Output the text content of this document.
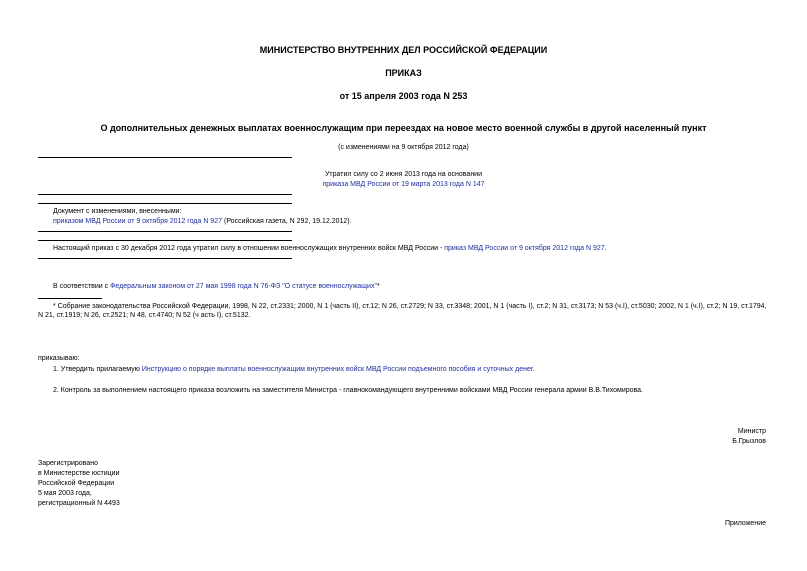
МИНИСТЕРСТВО ВНУТРЕННИХ ДЕЛ РОССИЙСКОЙ ФЕДЕРАЦИИ
ПРИКАЗ
от 15 апреля 2003 года N 253
О дополнительных денежных выплатах военнослужащим при переездах на новое место военной службы в другой населенный пункт
(с изменениями на 9 октября 2012 года)
Утратил силу со 2 июня 2013 года на основании
приказа МВД России от 19 марта 2013 года N 147
Документ с изменениями, внесенными:
приказом МВД России от 9 октября 2012 года N 927 (Российская газета, N 292, 19.12.2012).
Настоящий приказ с 30 декабря 2012 года утратил силу в отношении военнослужащих внутренних войск МВД России - приказ МВД России от 9 октября 2012 года N 927.
В соответствии с Федеральным законом от 27 мая 1998 года N 76-ФЗ "О статусе военнослужащих"*
* Собрание законодательства Российской Федерации, 1998, N 22, ст.2331; 2000, N 1 (часть II), ст.12; N 26, ст.2729; N 33, ст.3348; 2001, N 1 (часть I), ст.2; N 31, ст.3173; N 53 (ч.I), ст.5030; 2002, N 1 (ч.I), ст.2; N 19, ст.1794, N 21, ст.1919; N 26, ст.2521; N 48, ст.4740; N 52 (ч асть I), ст.5132.
приказываю:
1. Утвердить прилагаемую Инструкцию о порядке выплаты военнослужащим внутренних войск МВД России подъемного пособия и суточных денег.
2. Контроль за выполнением настоящего приказа возложить на заместителя Министра - главнокомандующего внутренними войсками МВД России генерала армии В.В.Тихомирова.
Министр
Б.Грызлов
Зарегистрировано
в Министерстве юстиции
Российской Федерации
5 мая 2003 года,
регистрационный N 4493
Приложение
